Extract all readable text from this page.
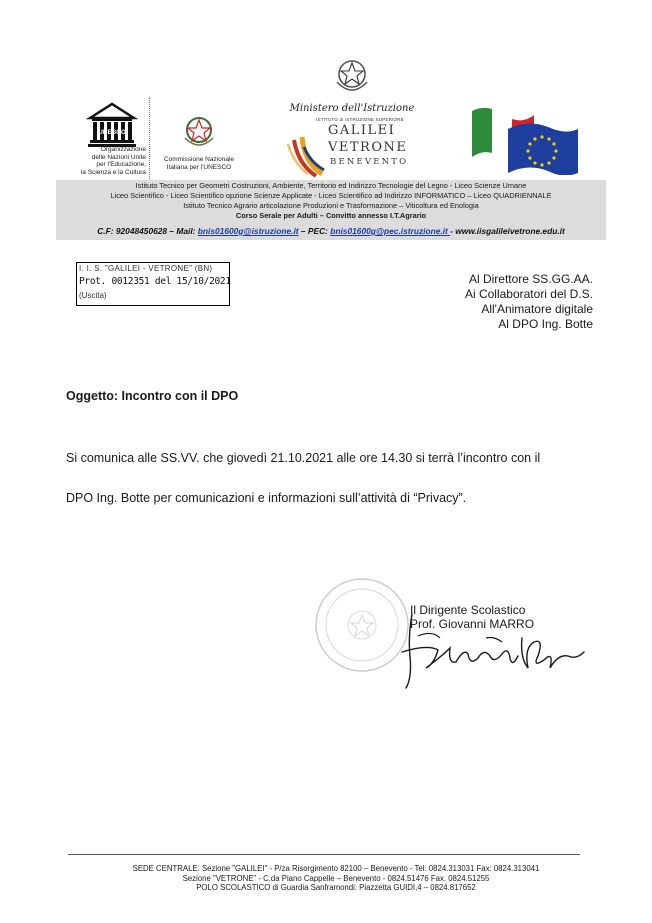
UNESCO
Organizzazione
delle Nazioni Unite
per l'Educazione,
la Scienza e la Cultura
Commissione Nazionale
Italiana per l'UNESCO
Ministero dell'Istruzione
ISTITUTO di ISTRUZIONE SUPERIORE
GALILEI
VETRONE
BENEVENTO
Istituto Tecnico per Geometri Costruzioni, Ambiente, Territorio ed Indirizzo Tecnologie del Legno - Liceo Scienze Umane
Liceo Scientifico - Liceo Scientifico opzione Scienze Applicate - Liceo Scientifico ad Indirizzo INFORMATICO – Liceo QUADRIENNALE
Istituto Tecnico Agrario articolazione Produzioni e Trasformazione – Viticoltura ed Enologia
Corso Serale per Adulti – Convitto annesso I.T.Agrario
C.F: 92048450628 – Mail: bnis01600g@istruzione.it – PEC: bnis01600g@pec.istruzione.it - www.iisgalileivetrone.edu.it
I. I. S. "GALILEI - VETRONE" (BN)
Prot. 0012351 del 15/10/2021
(Uscita)
Al Direttore SS.GG.AA.
Ai Collaboratori del D.S.
All'Animatore digitale
Al DPO Ing. Botte
Oggetto: Incontro con il DPO
Si comunica alle SS.VV. che giovedì 21.10.2021 alle ore 14.30 si terrà l’incontro con il
DPO Ing. Botte per comunicazioni e informazioni sull’attività di “Privacy”.
Il Dirigente Scolastico
Prof. Giovanni MARRO
SEDE CENTRALE: Sezione "GALILEI" - P/za Risorgimento 82100 – Benevento - Tel: 0824.313031 Fax: 0824.313041
Sezione "VETRONE" - C.da Piano Cappelle – Benevento - 0824.51476 Fax. 0824.51255
POLO SCOLASTICO di Guardia Sanframondi: Piazzetta GUIDI,4 – 0824.817652
